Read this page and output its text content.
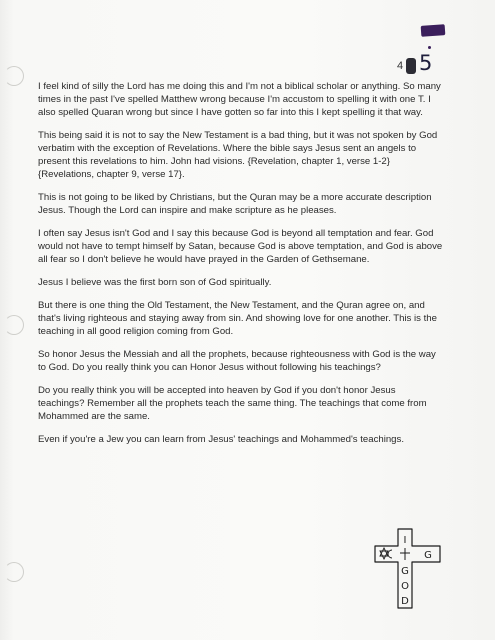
4 5

I feel kind of silly the Lord has me doing this and I'm not a biblical scholar or anything. So many times in the past I've spelled Matthew wrong because I'm accustom to spelling it with one T. I also spelled Quaran wrong but since I have gotten so far into this I kept spelling it that way.

This being said it is not to say the New Testament is a bad thing, but it was not spoken by God verbatim with the exception of Revelations. Where the bible says Jesus sent an angels to present this revelations to him. John had visions. {Revelation, chapter 1, verse 1-2}{Revelations, chapter 9, verse 17}.

This is not going to be liked by Christians, but the Quran may be a more accurate description Jesus. Though the Lord can inspire and make scripture as he pleases.

I often say Jesus isn't God and I say this because God is beyond all temptation and fear. God would not have to tempt himself by Satan, because God is above temptation, and God is above all fear so I don't believe he would have prayed in the Garden of Gethsemane.

Jesus I believe was the first born son of God spiritually.

But there is one thing the Old Testament, the New Testament, and the Quran agree on, and that's living righteous and staying away from sin. And showing love for one another. This is the teaching in all good religion coming from God.

So honor Jesus the Messiah and all the prophets, because righteousness with God is the way to God. Do you really think you can Honor Jesus without following his teachings?

Do you really think you will be accepted into heaven by God if you don't honor Jesus teachings? Remember all the prophets teach the same thing. The teachings that come from Mohammed are the same.

Even if you're a Jew you can learn from Jesus' teachings and Mohammed's teachings.

I
G
O
D
G
